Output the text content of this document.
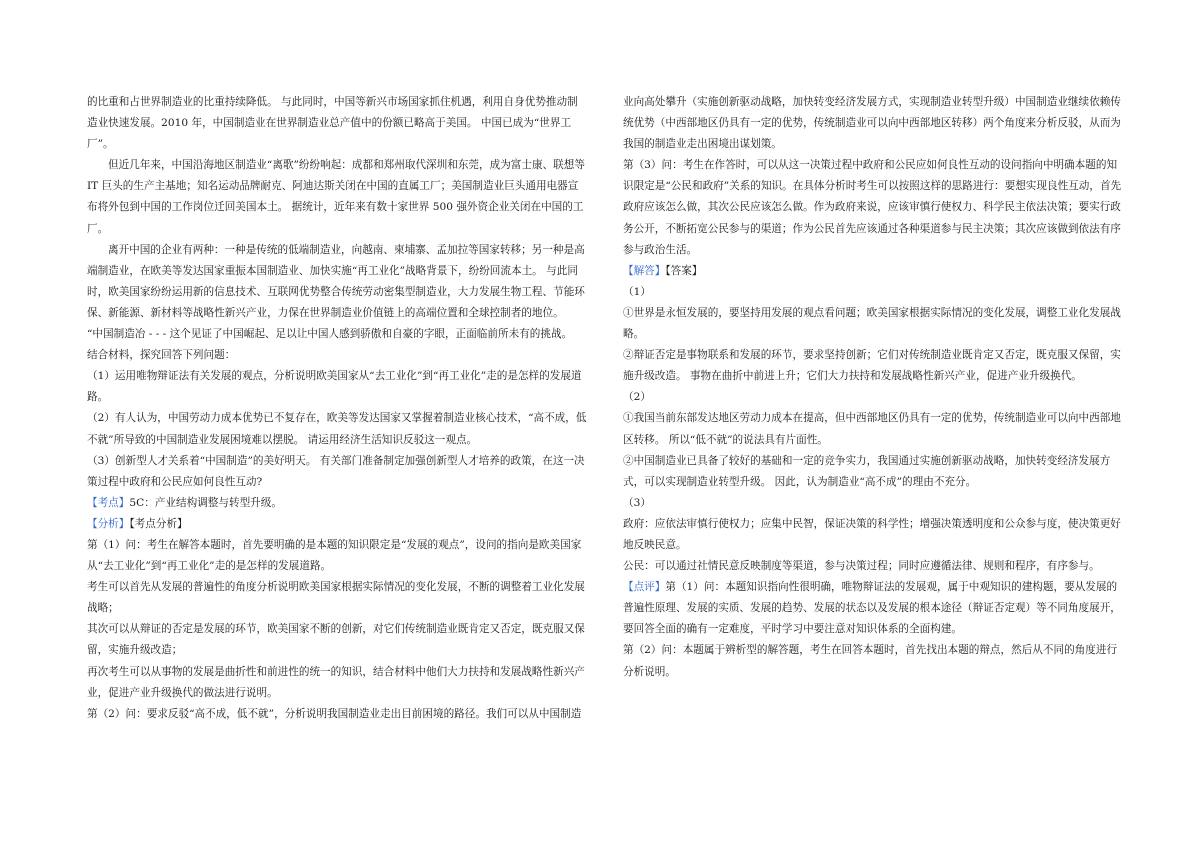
的比重和占世界制造业的比重持续降低。 与此同时，中国等新兴市场国家抓住机遇，利用自身优势推动制造业快速发展。2010 年，中国制造业在世界制造业总产值中的份额已略高于美国。 中国已成为“世界工厂”。

但近几年来，中国沿海地区制造业“离歌”纷纷响起：成都和郑州取代深圳和东莞，成为富士康、联想等 IT 巨头的生产主基地；知名运动品牌耐克、阿迪达斯关闭在中国的直属工厂；美国制造业巨头通用电器宣布将外包到中国的工作岗位迁回美国本土。 据统计，近年来有数十家世界 500 强外资企业关闭在中国的工厂。

离开中国的企业有两种：一种是传统的低端制造业，向越南、柬埔寨、孟加拉等国家转移；另一种是高端制造业，在欧美等发达国家重振本国制造业、加快实施“再工业化”战略背景下，纷纷回流本土。 与此同时，欧美国家纷纷运用新的信息技术、互联网优势整合传统劳动密集型制造业，大力发展生物工程、节能环保、新能源、新材料等战略性新兴产业，力保在世界制造业价值链上的高端位置和全球控制者的地位。

“中国制造冶 - - - 这个见证了中国崛起、足以让中国人感到骄傲和自豪的字眼，正面临前所未有的挑战。

结合材料，探究回答下列问题：

（1）运用唯物辩证法有关发展的观点，分析说明欧美国家从“去工业化”到“再工业化”走的是怎样的发展道路。

（2）有人认为，中国劳动力成本优势已不复存在，欧美等发达国家又掌握着制造业核心技术，“高不成，低不就”所导致的中国制造业发展困境难以摆脱。 请运用经济生活知识反驳这一观点。

（3）创新型人才关系着“中国制造”的美好明天。 有关部门准备制定加强创新型人才培养的政策，在这一决策过程中政府和公民应如何良性互动?

【考点】5C：产业结构调整与转型升级。

【分析】【考点分析】

第（1）问：考生在解答本题时，首先要明确的是本题的知识限定是“发展的观点”，设问的指向是欧美国家从“去工业化”到“再工业化”走的是怎样的发展道路。

考生可以首先从发展的普遍性的角度分析说明欧美国家根据实际情况的变化发展，不断的调整着工业化发展战略；

其次可以从辩证的否定是发展的环节，欧美国家不断的创新，对它们传统制造业既肯定又否定，既克服又保留，实施升级改造；

再次考生可以从事物的发展是曲折性和前进性的统一的知识，结合材料中他们大力扶持和发展战略性新兴产业，促进产业升级换代的做法进行说明。

第（2）问：要求反驳“高不成，低不就”，分析说明我国制造业走出目前困境的路径。我们可以从中国制造

业向高处攀升（实施创新驱动战略，加快转变经济发展方式，实现制造业转型升级）中国制造业继续依赖传统优势（中西部地区仍具有一定的优势，传统制造业可以向中西部地区转移）两个角度来分析反驳，从而为我国的制造业走出困境出谋划策。

第（3）问：考生在作答时，可以从这一决策过程中政府和公民应如何良性互动的设问指向中明确本题的知识限定是“公民和政府”关系的知识。在具体分析时考生可以按照这样的思路进行：要想实现良性互动，首先政府应该怎么做，其次公民应该怎么做。作为政府来说，应该审慎行使权力、科学民主依法决策；要实行政务公开，不断拓宽公民参与的渠道；作为公民首先应该通过各种渠道参与民主决策；其次应该做到依法有序参与政治生活。

【解答】【答案】

（1）

①世界是永恒发展的，要坚持用发展的观点看问题；欧美国家根据实际情况的变化发展，调整工业化发展战略。

②辩证否定是事物联系和发展的环节，要求坚持创新；它们对传统制造业既肯定又否定，既克服又保留，实施升级改造。 事物在曲折中前进上升；它们大力扶持和发展战略性新兴产业，促进产业升级换代。

（2）

①我国当前东部发达地区劳动力成本在提高，但中西部地区仍具有一定的优势，传统制造业可以向中西部地区转移。 所以“低不就”的说法具有片面性。

②中国制造业已具备了较好的基础和一定的竞争实力，我国通过实施创新驱动战略，加快转变经济发展方式，可以实现制造业转型升级。 因此，认为制造业“高不成”的理由不充分。

（3）

政府：应依法审慎行使权力；应集中民智，保证决策的科学性；增强决策透明度和公众参与度，使决策更好地反映民意。

公民：可以通过社情民意反映制度等渠道，参与决策过程；同时应遵循法律、规则和程序，有序参与。

【点评】第（1）问：本题知识指向性很明确，唯物辩证法的发展观，属于中观知识的建构题，要从发展的普遍性原理、发展的实质、发展的趋势、发展的状态以及发展的根本途径（辩证否定观）等不同角度展开，要回答全面的确有一定难度，平时学习中要注意对知识体系的全面构建。

第（2）问：本题属于辨析型的解答题，考生在回答本题时，首先找出本题的辩点，然后从不同的角度进行分析说明。
